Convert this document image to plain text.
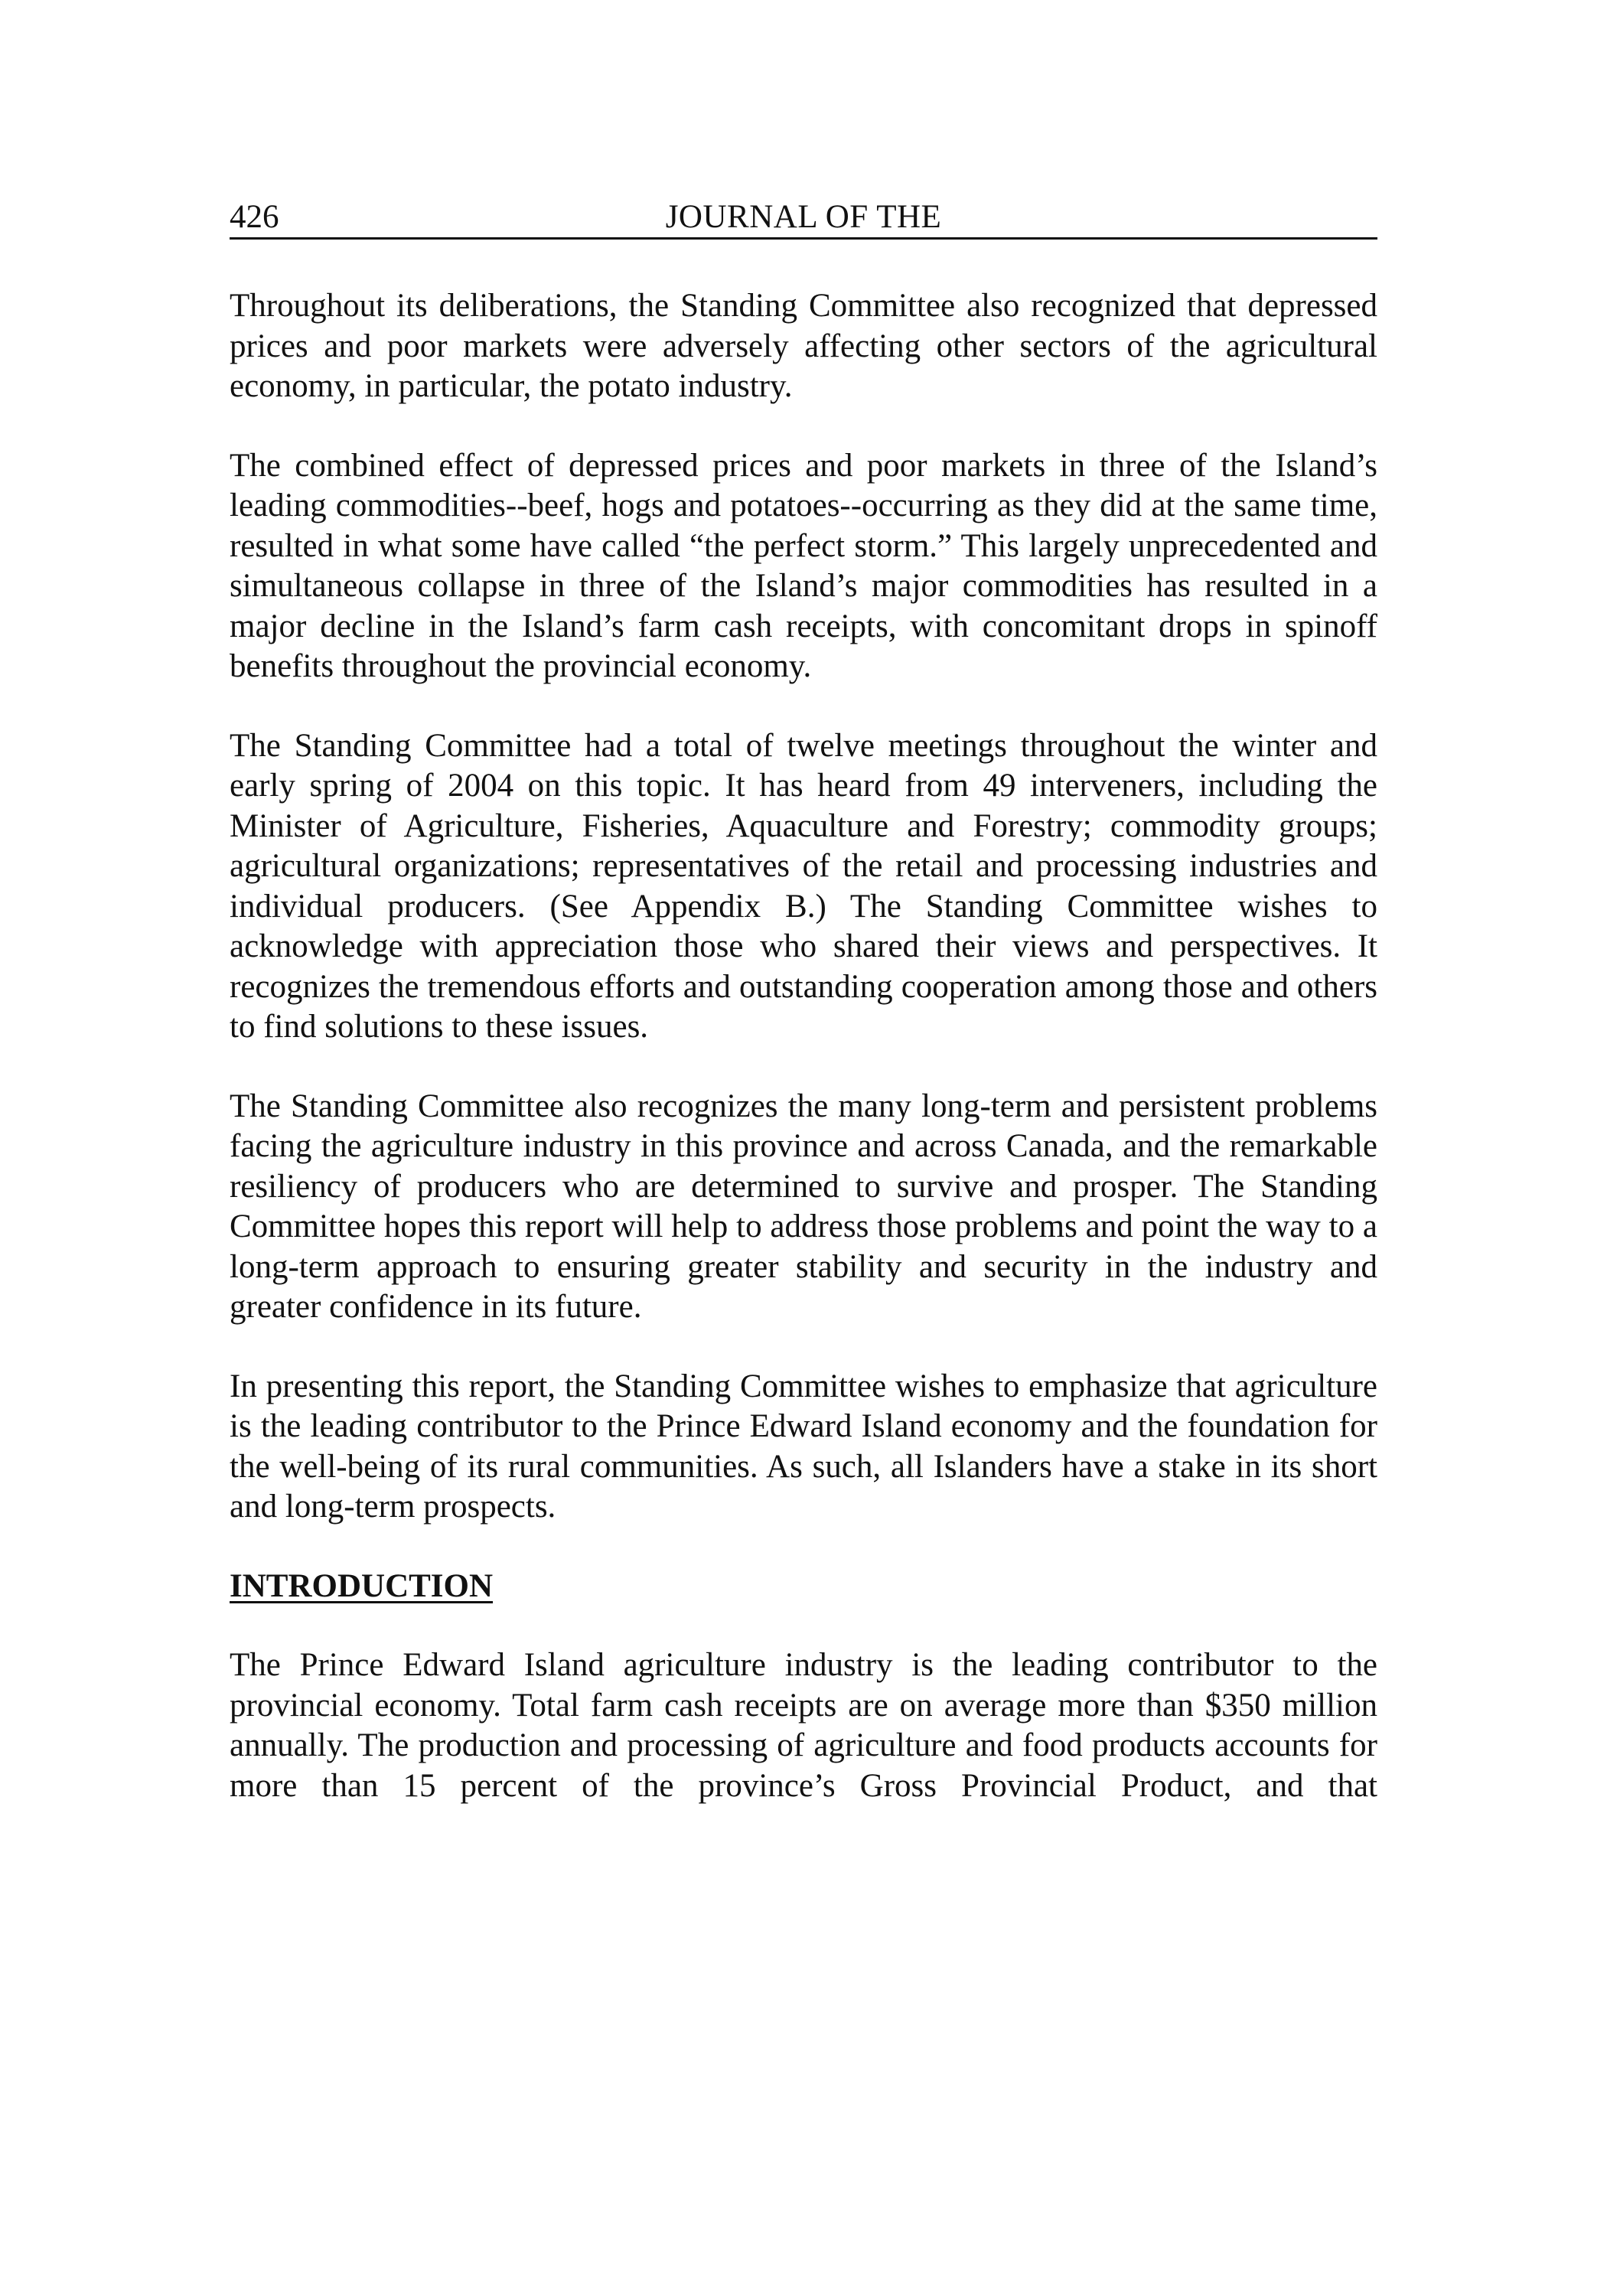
426	JOURNAL OF THE

Throughout its deliberations, the Standing Committee also recognized that depressed prices and poor markets were adversely affecting other sectors of the agricultural economy, in particular, the potato industry.

The combined effect of depressed prices and poor markets in three of the Island’s leading commodities--beef, hogs and potatoes--occurring as they did at the same time, resulted in what some have called “the perfect storm.” This largely unprecedented and simultaneous collapse in three of the Island’s major commodities has resulted in a major decline in the Island’s farm cash receipts, with concomitant drops in spinoff benefits throughout the provincial economy.

The Standing Committee had a total of twelve meetings throughout the winter and early spring of 2004 on this topic. It has heard from 49 interveners, including the Minister of Agriculture, Fisheries, Aquaculture and Forestry; commodity groups; agricultural organizations; representatives of the retail and processing industries and individual producers. (See Appendix B.) The Standing Committee wishes to acknowledge with appreciation those who shared their views and perspectives. It recognizes the tremendous efforts and outstanding cooperation among those and others to find solutions to these issues.

The Standing Committee also recognizes the many long-term and persistent problems facing the agriculture industry in this province and across Canada, and the remarkable resiliency of producers who are determined to survive and prosper. The Standing Committee hopes this report will help to address those problems and point the way to a long-term approach to ensuring greater stability and security in the industry and greater confidence in its future.

In presenting this report, the Standing Committee wishes to emphasize that agriculture is the leading contributor to the Prince Edward Island economy and the foundation for the well-being of its rural communities. As such, all Islanders have a stake in its short and long-term prospects.

INTRODUCTION

The Prince Edward Island agriculture industry is the leading contributor to the provincial economy. Total farm cash receipts are on average more than $350 million annually. The production and processing of agriculture and food products accounts for more than 15 percent of the province’s Gross Provincial Product, and that
